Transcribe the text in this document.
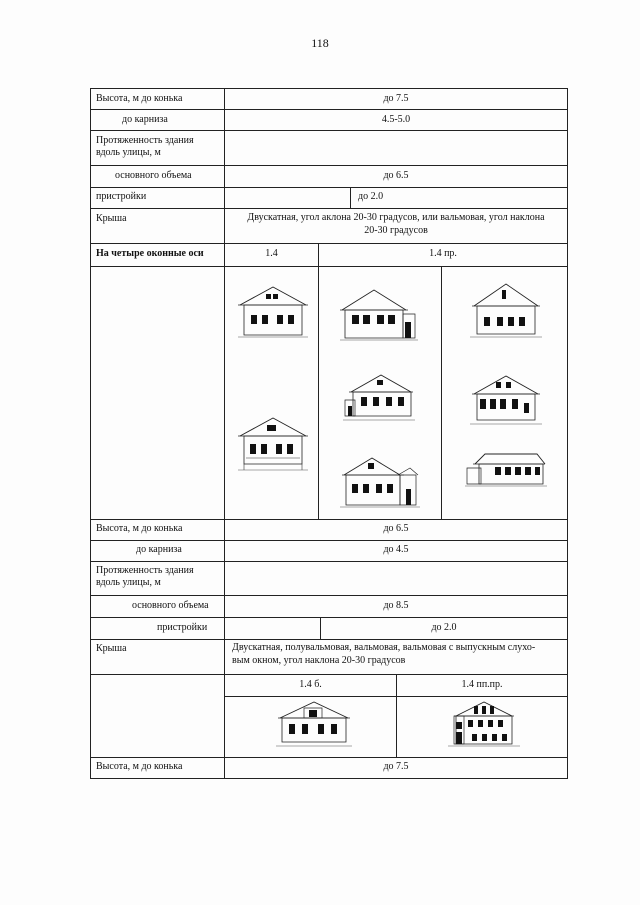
118
Высота, м до конька	до 7.5
до карниза	4.5-5.0
Протяженность здания вдоль улицы, м
основного объема	до 6.5
пристройки	до 2.0
Крыша	Двускатная, угол аклона 20-30 градусов, или вальмовая, угол наклона
20-30 градусов
На четыре оконные оси	1.4	1.4 пр.
Высота, м до конька	до 6.5
до карниза	до 4.5
Протяженность здания вдоль улицы, м
основного объема	до 8.5
пристройки	до 2.0
Крыша	Двускатная, полувальмовая, вальмовая, вальмовая с выпускным слухо-
вым окном, угол наклона 20-30 градусов
1.4 б.	1.4 пп.пр.
Высота, м до конька	до 7.5
